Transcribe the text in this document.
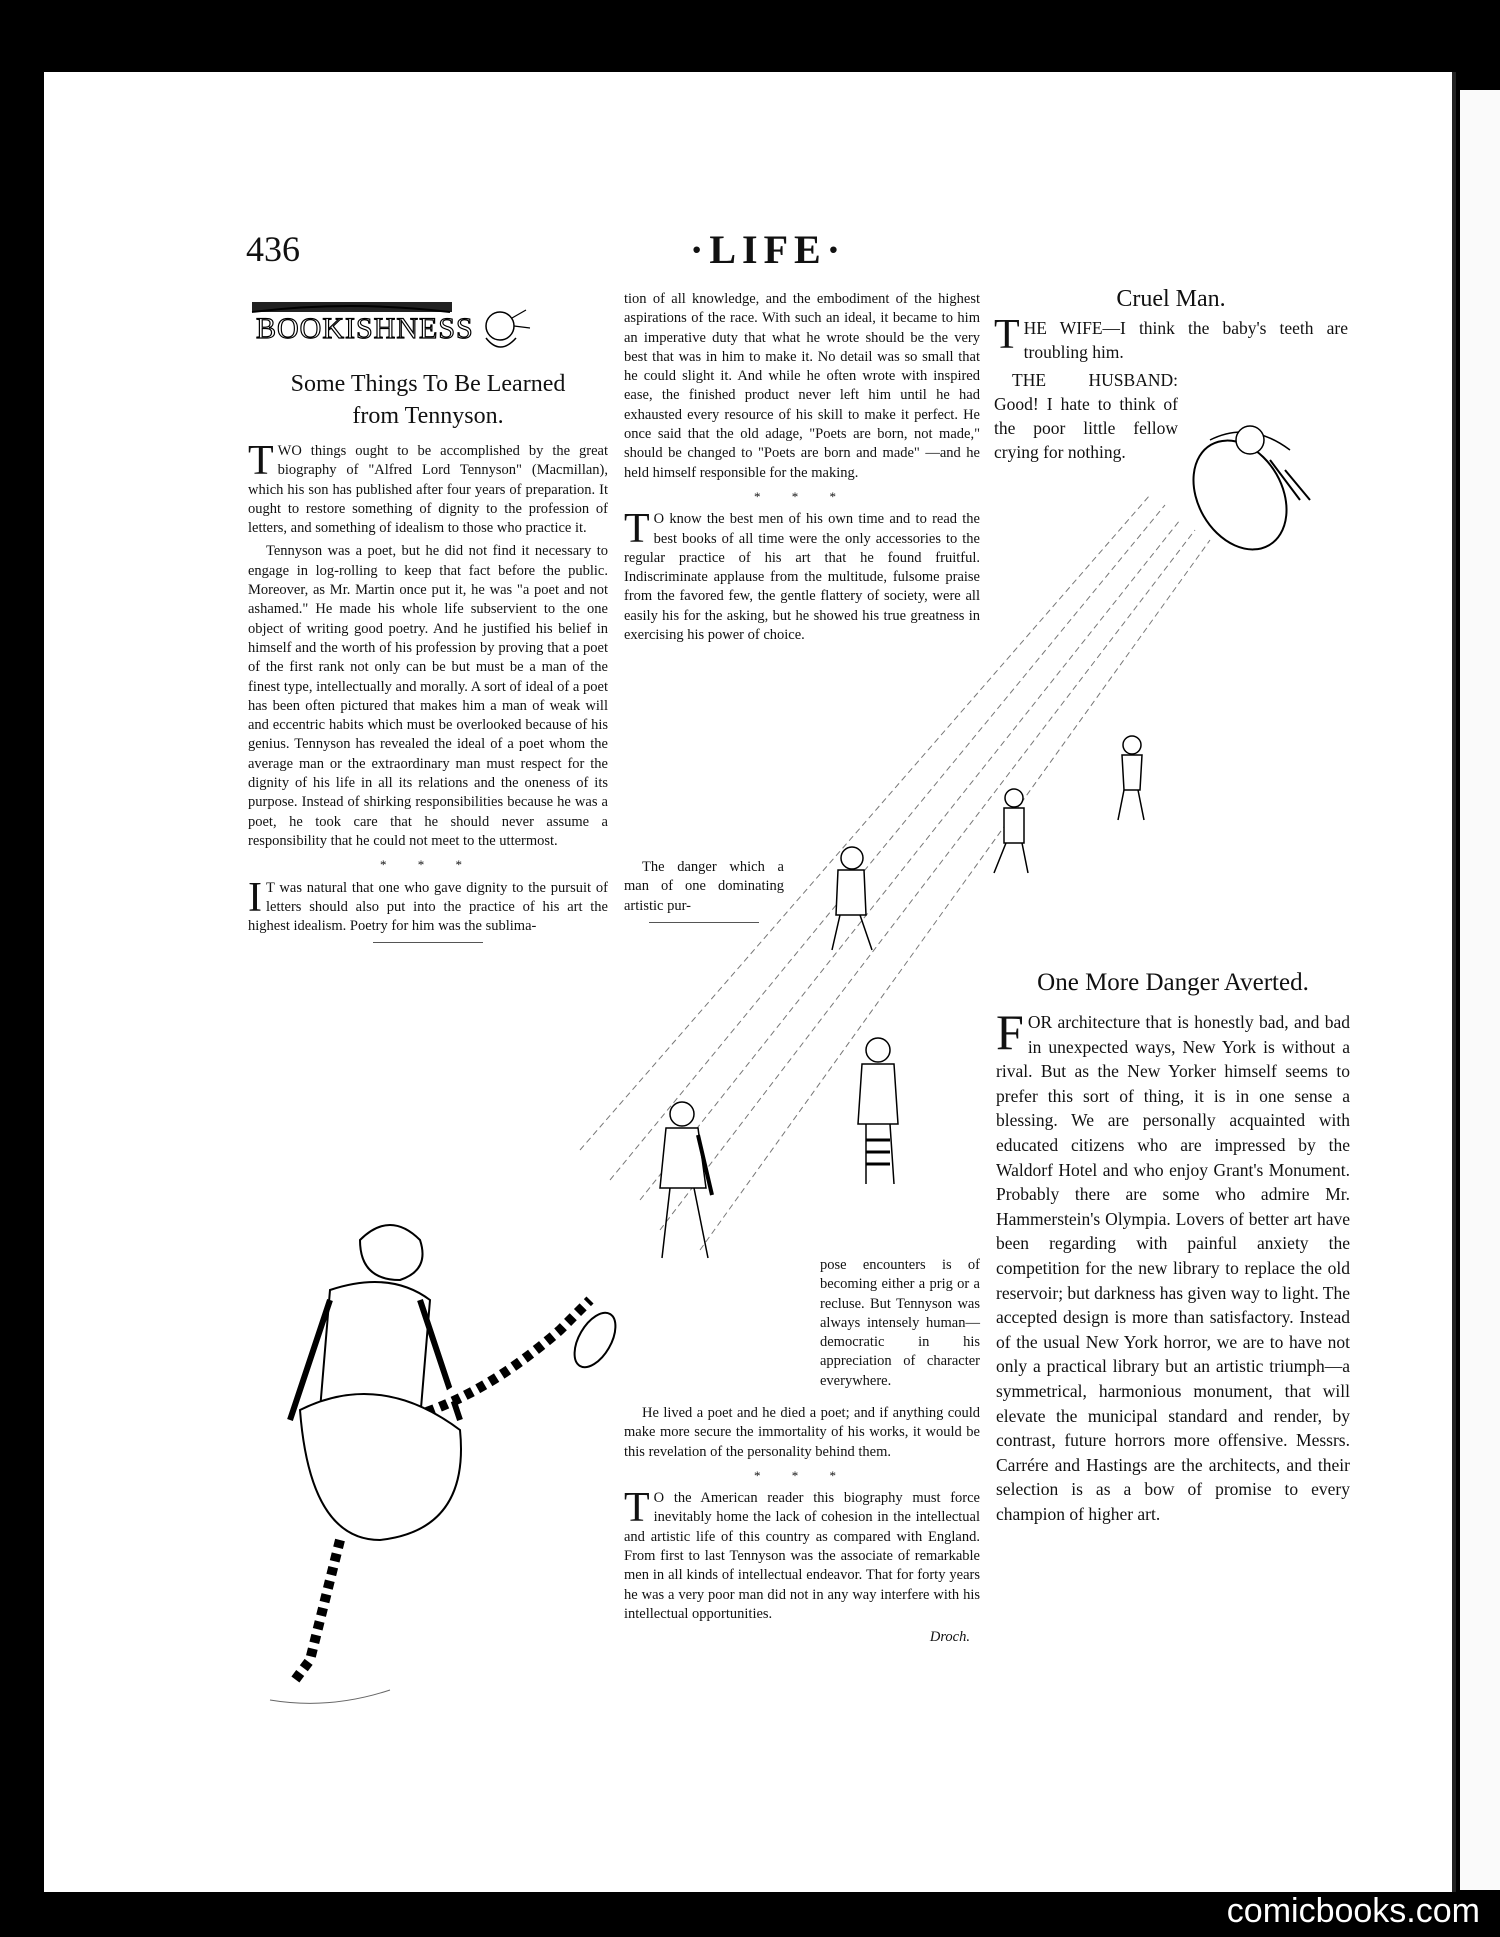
436	·LIFE·
BOOKISHNESS
Some Things To Be Learned
from Tennyson.

TWO things ought to be accomplished by the great biography of "Alfred Lord Tennyson" (Macmillan), which his son has published after four years of preparation. It ought to restore something of dignity to the profession of letters, and something of idealism to those who practice it.

Tennyson was a poet, but he did not find it necessary to engage in log-rolling to keep that fact before the public. Moreover, as Mr. Martin once put it, he was "a poet and not ashamed." He made his whole life subservient to the one object of writing good poetry. And he justified his belief in himself and the worth of his profession by proving that a poet of the first rank not only can be but must be a man of the finest type, intellectually and morally. A sort of ideal of a poet has been often pictured that makes him a man of weak will and eccentric habits which must be overlooked because of his genius. Tennyson has revealed the ideal of a poet whom the average man or the extraordinary man must respect for the dignity of his life in all its relations and the oneness of its purpose. Instead of shirking responsibilities because he was a poet, he took care that he should never assume a responsibility that he could not meet to the uttermost.

* * *

I T was natural that one who gave dignity to the pursuit of letters should also put into the practice of his art the highest idealism. Poetry for him was the sublima-

tion of all knowledge, and the embodiment of the highest aspirations of the race. With such an ideal, it became to him an imperative duty that what he wrote should be the very best that was in him to make it. No detail was so small that he could slight it. And while he often wrote with inspired ease, the finished product never left him until he had exhausted every resource of his skill to make it perfect. He once said that the old adage, "Poets are born, not made," should be changed to "Poets are born and made" —and he held himself responsible for the making.

* * *

T O know the best men of his own time and to read the best books of all time were the only accessories to the regular practice of his art that he found fruitful. Indiscriminate applause from the multitude, fulsome praise from the favored few, the gentle flattery of society, were all easily his for the asking, but he showed his true greatness in exercising his power of choice.

The danger which a man of one dominating artistic pur-

pose encounters is of becoming either a prig or a recluse. But Tennyson was always intensely human—democratic in his appreciation of character everywhere.

He lived a poet and he died a poet; and if anything could make more secure the immortality of his works, it would be this revelation of the personality behind them.

* * *

T O the American reader this biography must force inevitably home the lack of cohesion in the intellectual and artistic life of this country as compared with England. From first to last Tennyson was the associate of remarkable men in all kinds of intellectual endeavor. That for forty years he was a very poor man did not in any way interfere with his intellectual opportunities.

Droch.
Cruel Man.

THE WIFE—I think the baby's teeth are troubling him.

THE HUSBAND: Good! I hate to think of the poor little fellow crying for nothing.

One More Danger Averted.

FOR architecture that is honestly bad, and bad in unexpected ways, New York is without a rival. But as the New Yorker himself seems to prefer this sort of thing, it is in one sense a blessing. We are personally acquainted with educated citizens who are impressed by the Waldorf Hotel and who enjoy Grant's Monument. Probably there are some who admire Mr. Hammerstein's Olympia. Lovers of better art have been regarding with painful anxiety the competition for the new library to replace the old reservoir; but darkness has given way to light. The accepted design is more than satisfactory. Instead of the usual New York horror, we are to have not only a practical library but an artistic triumph—a symmetrical, harmonious monument, that will elevate the municipal standard and render, by contrast, future horrors more offensive. Messrs. Carrére and Hastings are the architects, and their selection is as a bow of promise to every champion of higher art.

comicbooks.com
